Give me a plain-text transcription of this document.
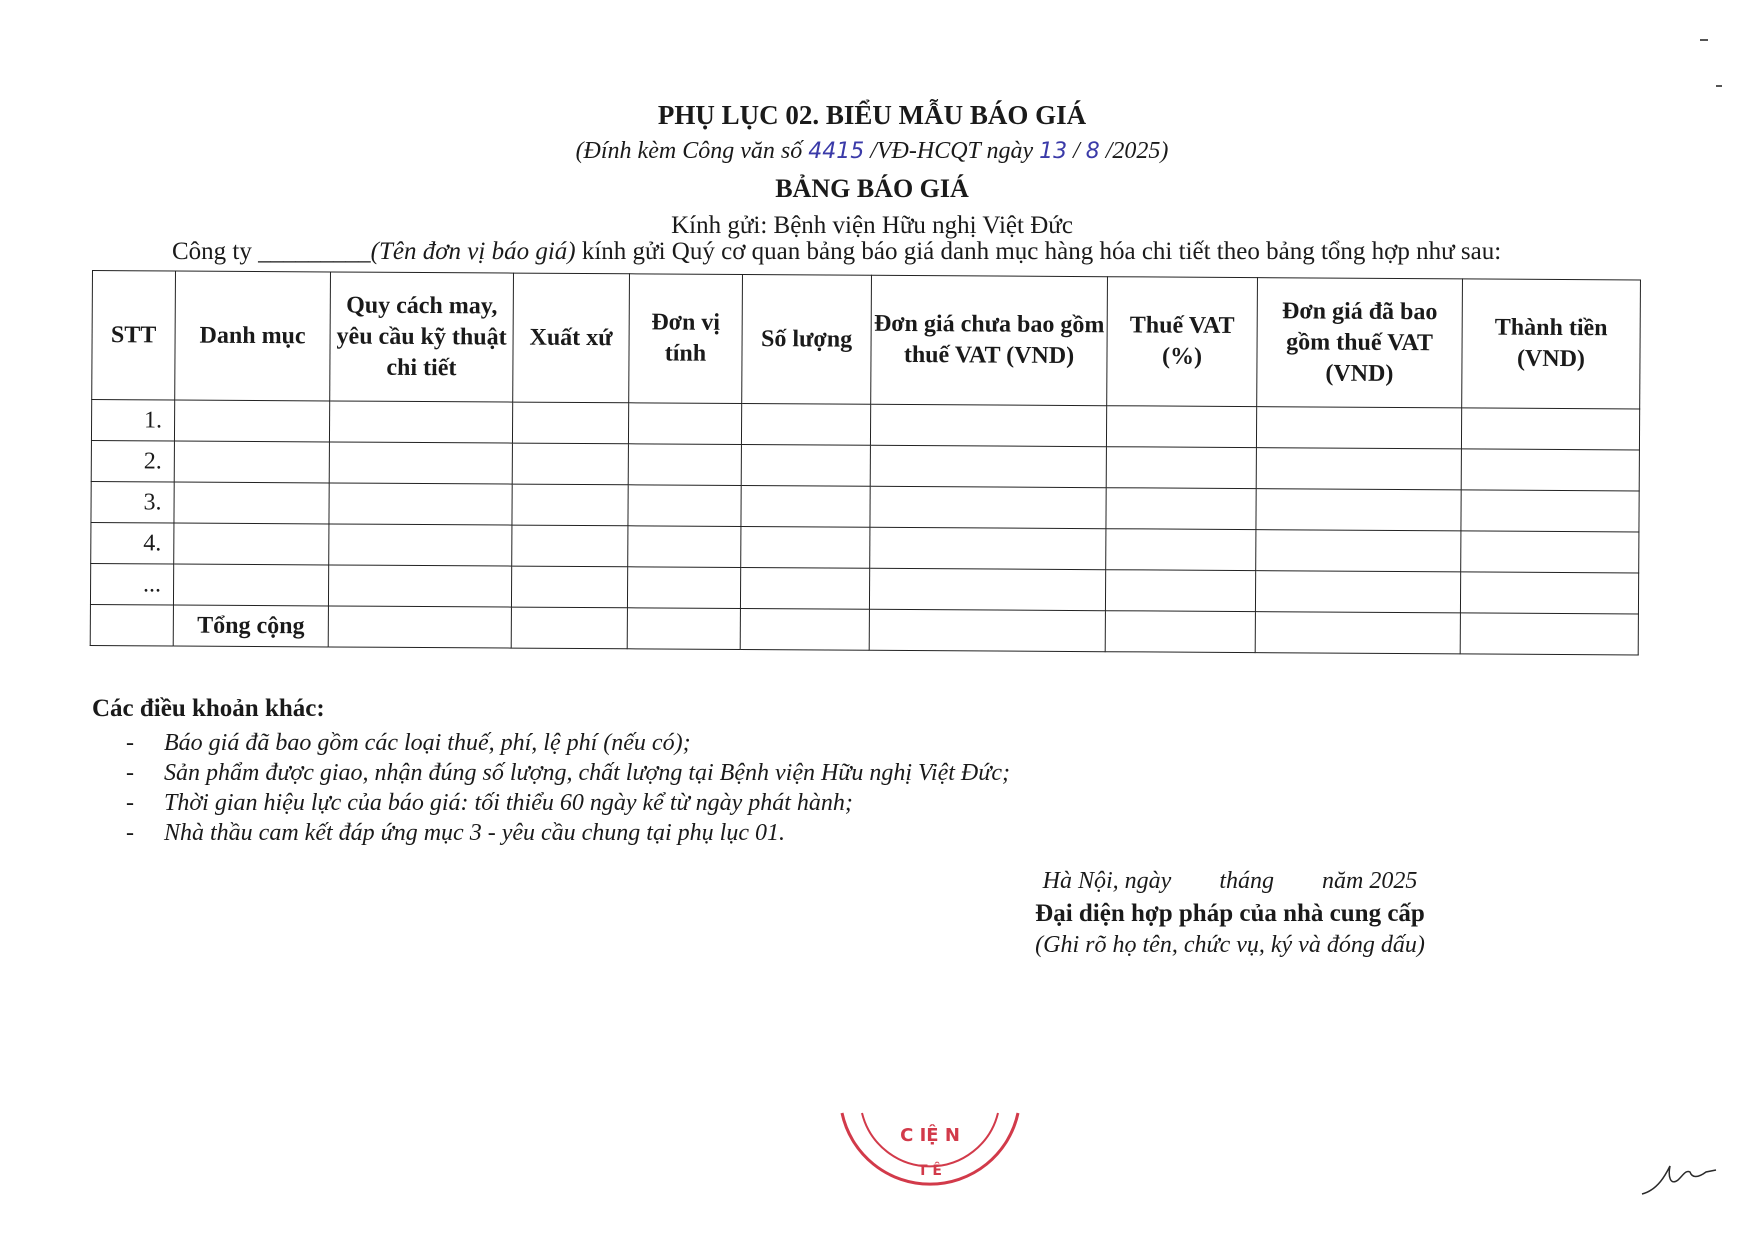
PHỤ LỤC 02. BIỂU MẪU BÁO GIÁ
(Đính kèm Công văn số 4415 /VĐ-HCQT ngày 13 / 8 /2025)
BẢNG BÁO GIÁ
Kính gửi: Bệnh viện Hữu nghị Việt Đức
Công ty _________(Tên đơn vị báo giá) kính gửi Quý cơ quan bảng báo giá danh mục hàng hóa chi tiết theo bảng tổng hợp như sau:
STT	Danh mục	Quy cách may, yêu cầu kỹ thuật chi tiết	Xuất xứ	Đơn vị tính	Số lượng	Đơn giá chưa bao gồm thuế VAT (VND)	Thuế VAT (%)	Đơn giá đã bao gồm thuế VAT (VND)	Thành tiền (VND)
1.									
2.									
3.									
4.									
...									
	Tổng cộng								
Các điều khoản khác:
- Báo giá đã bao gồm các loại thuế, phí, lệ phí (nếu có);
- Sản phẩm được giao, nhận đúng số lượng, chất lượng tại Bệnh viện Hữu nghị Việt Đức;
- Thời gian hiệu lực của báo giá: tối thiểu 60 ngày kể từ ngày phát hành;
- Nhà thầu cam kết đáp ứng mục 3 - yêu cầu chung tại phụ lục 01.
Hà Nội, ngày        tháng        năm 2025
Đại diện hợp pháp của nhà cung cấp
(Ghi rõ họ tên, chức vụ, ký và đóng dấu)
C IỆ N
T Ê
